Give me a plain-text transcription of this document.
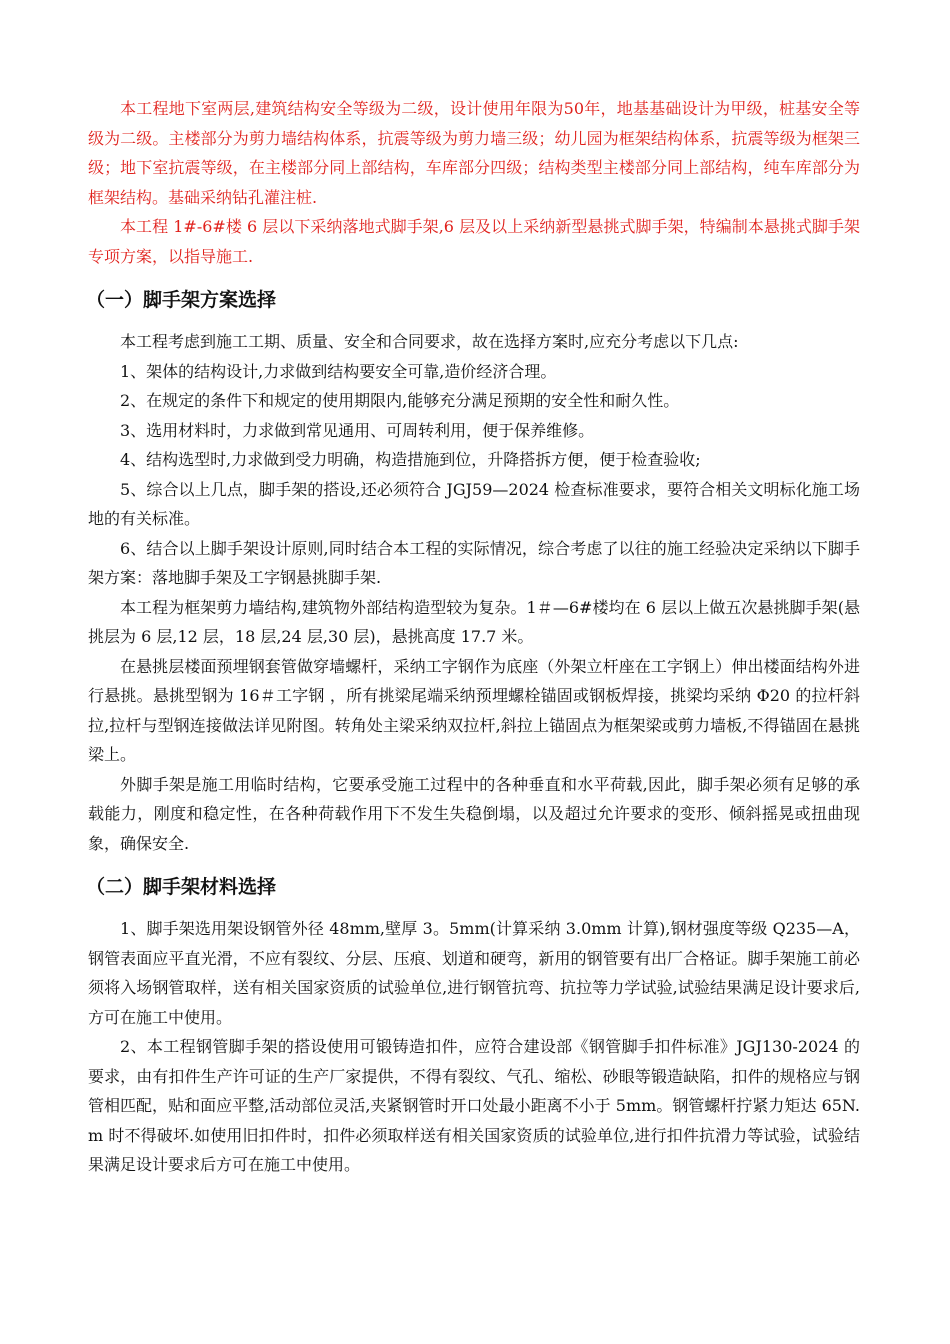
本工程地下室两层,建筑结构安全等级为二级，设计使用年限为50年，地基基础设计为甲级，桩基安全等级为二级。主楼部分为剪力墙结构体系，抗震等级为剪力墙三级；幼儿园为框架结构体系，抗震等级为框架三级；地下室抗震等级，在主楼部分同上部结构，车库部分四级；结构类型主楼部分同上部结构，纯车库部分为框架结构。基础采纳钻孔灌注桩.

本工程 1#-6#楼 6 层以下采纳落地式脚手架,6 层及以上采纳新型悬挑式脚手架，特编制本悬挑式脚手架专项方案，以指导施工.

（一）脚手架方案选择

本工程考虑到施工工期、质量、安全和合同要求，故在选择方案时,应充分考虑以下几点:

1、架体的结构设计,力求做到结构要安全可靠,造价经济合理。

2、在规定的条件下和规定的使用期限内,能够充分满足预期的安全性和耐久性。

3、选用材料时，力求做到常见通用、可周转利用，便于保养维修。

4、结构选型时,力求做到受力明确，构造措施到位，升降搭拆方便，便于检查验收;

5、综合以上几点，脚手架的搭设,还必须符合 JGJ59—2024 检查标准要求，要符合相关文明标化施工场地的有关标准。

6、结合以上脚手架设计原则,同时结合本工程的实际情况，综合考虑了以往的施工经验决定采纳以下脚手架方案：落地脚手架及工字钢悬挑脚手架.

本工程为框架剪力墙结构,建筑物外部结构造型较为复杂。1＃—6#楼均在 6 层以上做五次悬挑脚手架(悬挑层为 6 层,12 层，18 层,24 层,30 层)，悬挑高度 17.7 米。

在悬挑层楼面预埋钢套管做穿墙螺杆，采纳工字钢作为底座（外架立杆座在工字钢上）伸出楼面结构外进行悬挑。悬挑型钢为 16＃工字钢 ，所有挑梁尾端采纳预埋螺栓锚固或钢板焊接，挑梁均采纳 Φ20 的拉杆斜拉,拉杆与型钢连接做法详见附图。转角处主梁采纳双拉杆,斜拉上锚固点为框架梁或剪力墙板,不得锚固在悬挑梁上。

外脚手架是施工用临时结构，它要承受施工过程中的各种垂直和水平荷载,因此，脚手架必须有足够的承载能力，刚度和稳定性，在各种荷载作用下不发生失稳倒塌，以及超过允许要求的变形、倾斜摇晃或扭曲现象，确保安全.

（二）脚手架材料选择

1、脚手架选用架设钢管外径 48mm,壁厚 3。5mm(计算采纳 3.0mm 计算),钢材强度等级 Q235—A，钢管表面应平直光滑，不应有裂纹、分层、压痕、划道和硬弯，新用的钢管要有出厂合格证。脚手架施工前必须将入场钢管取样，送有相关国家资质的试验单位,进行钢管抗弯、抗拉等力学试验,试验结果满足设计要求后,方可在施工中使用。

2、本工程钢管脚手架的搭设使用可锻铸造扣件，应符合建设部《钢管脚手扣件标准》JGJ130-2024 的要求，由有扣件生产许可证的生产厂家提供，不得有裂纹、气孔、缩松、砂眼等锻造缺陷，扣件的规格应与钢管相匹配，贴和面应平整,活动部位灵活,夹紧钢管时开口处最小距离不小于 5mm。钢管螺杆拧紧力矩达 65N.m 时不得破坏.如使用旧扣件时，扣件必须取样送有相关国家资质的试验单位,进行扣件抗滑力等试验，试验结果满足设计要求后方可在施工中使用。
